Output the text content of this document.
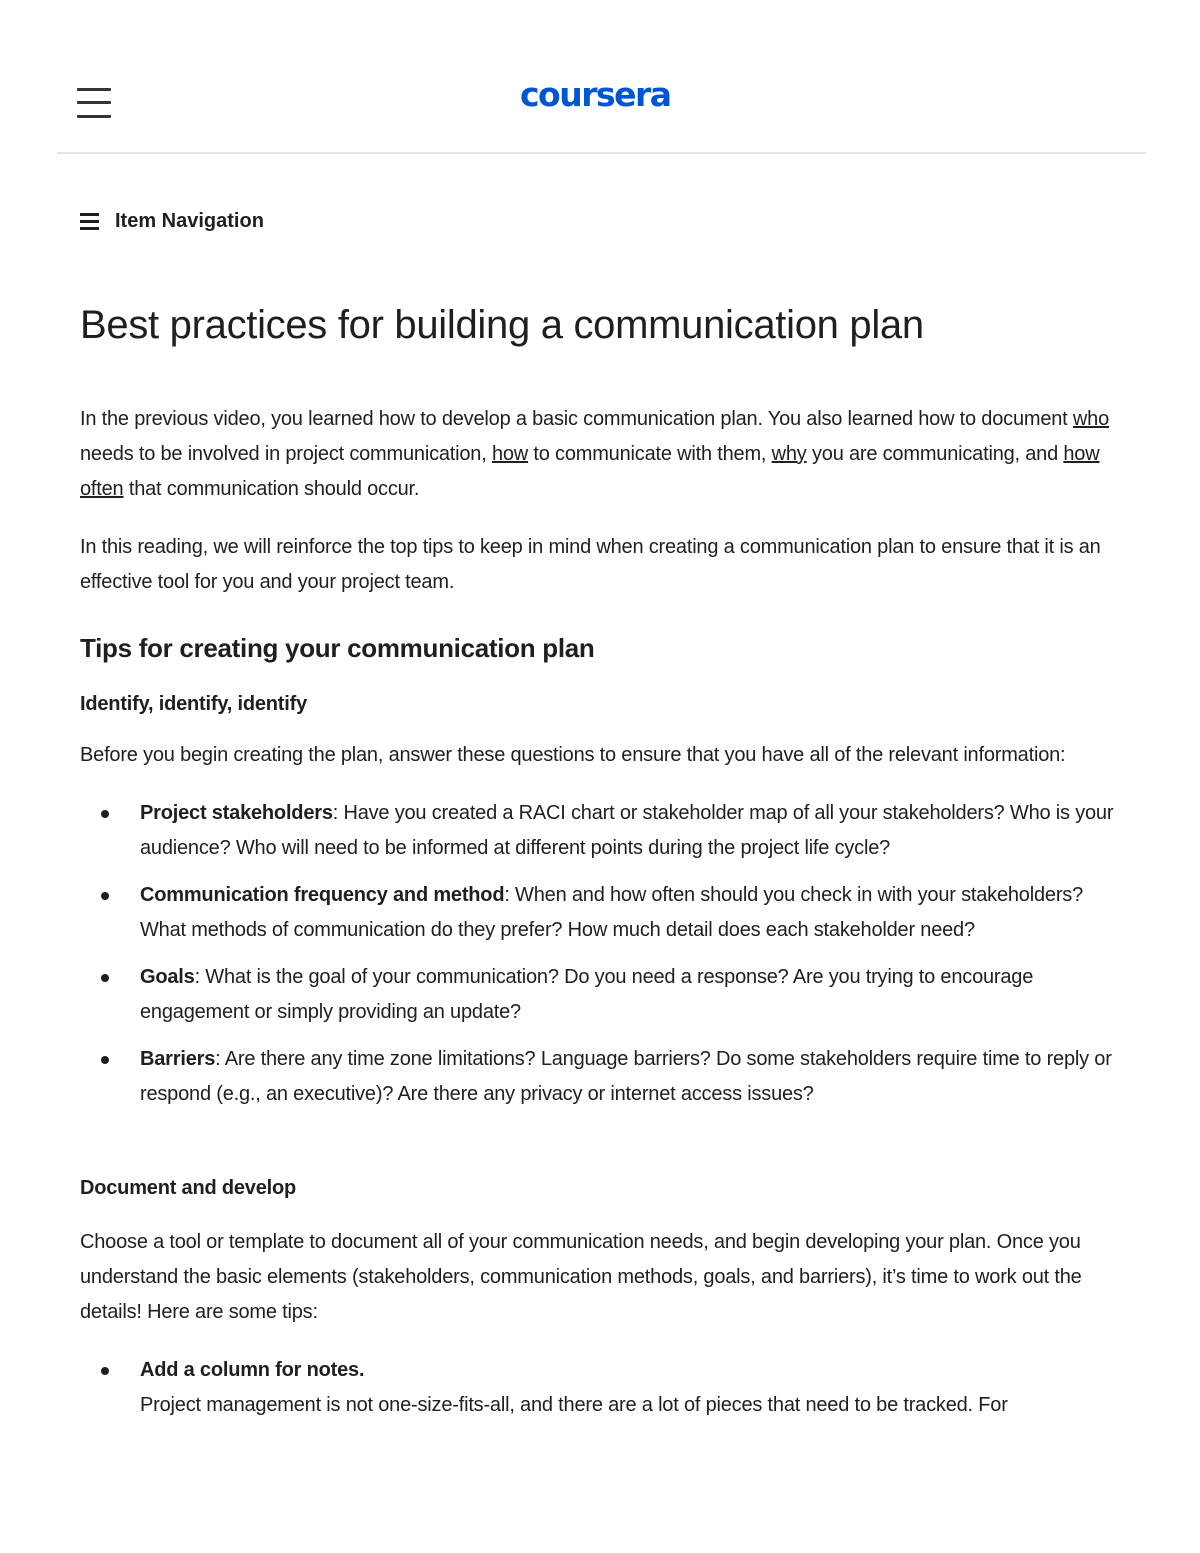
coursera
Item Navigation
Best practices for building a communication plan

In the previous video, you learned how to develop a basic communication plan. You also learned how to document who needs to be involved in project communication, how to communicate with them, why you are communicating, and how often that communication should occur.

In this reading, we will reinforce the top tips to keep in mind when creating a communication plan to ensure that it is an effective tool for you and your project team.

Tips for creating your communication plan
Identify, identify, identify

Before you begin creating the plan, answer these questions to ensure that you have all of the relevant information:

Project stakeholders: Have you created a RACI chart or stakeholder map of all your stakeholders? Who is your audience? Who will need to be informed at different points during the project life cycle?
Communication frequency and method: When and how often should you check in with your stakeholders? What methods of communication do they prefer? How much detail does each stakeholder need?
Goals: What is the goal of your communication? Do you need a response? Are you trying to encourage engagement or simply providing an update?
Barriers: Are there any time zone limitations? Language barriers? Do some stakeholders require time to reply or respond (e.g., an executive)? Are there any privacy or internet access issues?
Document and develop

Choose a tool or template to document all of your communication needs, and begin developing your plan. Once you understand the basic elements (stakeholders, communication methods, goals, and barriers), it’s time to work out the details! Here are some tips:

Add a column for notes.
Project management is not one-size-fits-all, and there are a lot of pieces that need to be tracked. For
